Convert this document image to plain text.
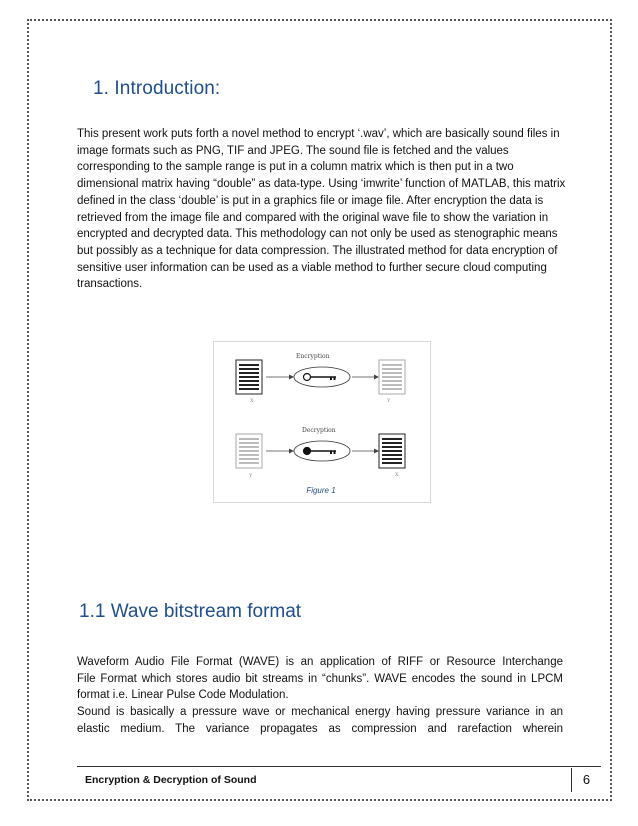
1. Introduction:

This present work puts forth a novel method to encrypt ‘.wav’, which are basically sound files in image formats such as PNG, TIF and JPEG. The sound file is fetched and the values corresponding to the sample range is put in a column matrix which is then put in a two dimensional matrix having “double” as data-type. Using ‘imwrite’ function of MATLAB, this matrix defined in the class ‘double’ is put in a graphics file or image file. After encryption the data is retrieved from the image file and compared with the original wave file to show the variation in encrypted and decrypted data. This methodology can not only be used as stenographic means but possibly as a technique for data compression. The illustrated method for data encryption of sensitive user information can be used as a viable method to further secure cloud computing transactions.

Encryption
X	Y
Decryption
Y	X
Figure 1
1.1 Wave bitstream format

Waveform Audio File Format (WAVE) is an application of RIFF or Resource Interchange
File Format which stores audio bit streams in “chunks”. WAVE encodes the sound in LPCM
format i.e. Linear Pulse Code Modulation.
Sound is basically a pressure wave or mechanical energy having pressure variance in an
elastic medium. The variance propagates as compression and rarefaction wherein

Encryption & Decryption of Sound	6
